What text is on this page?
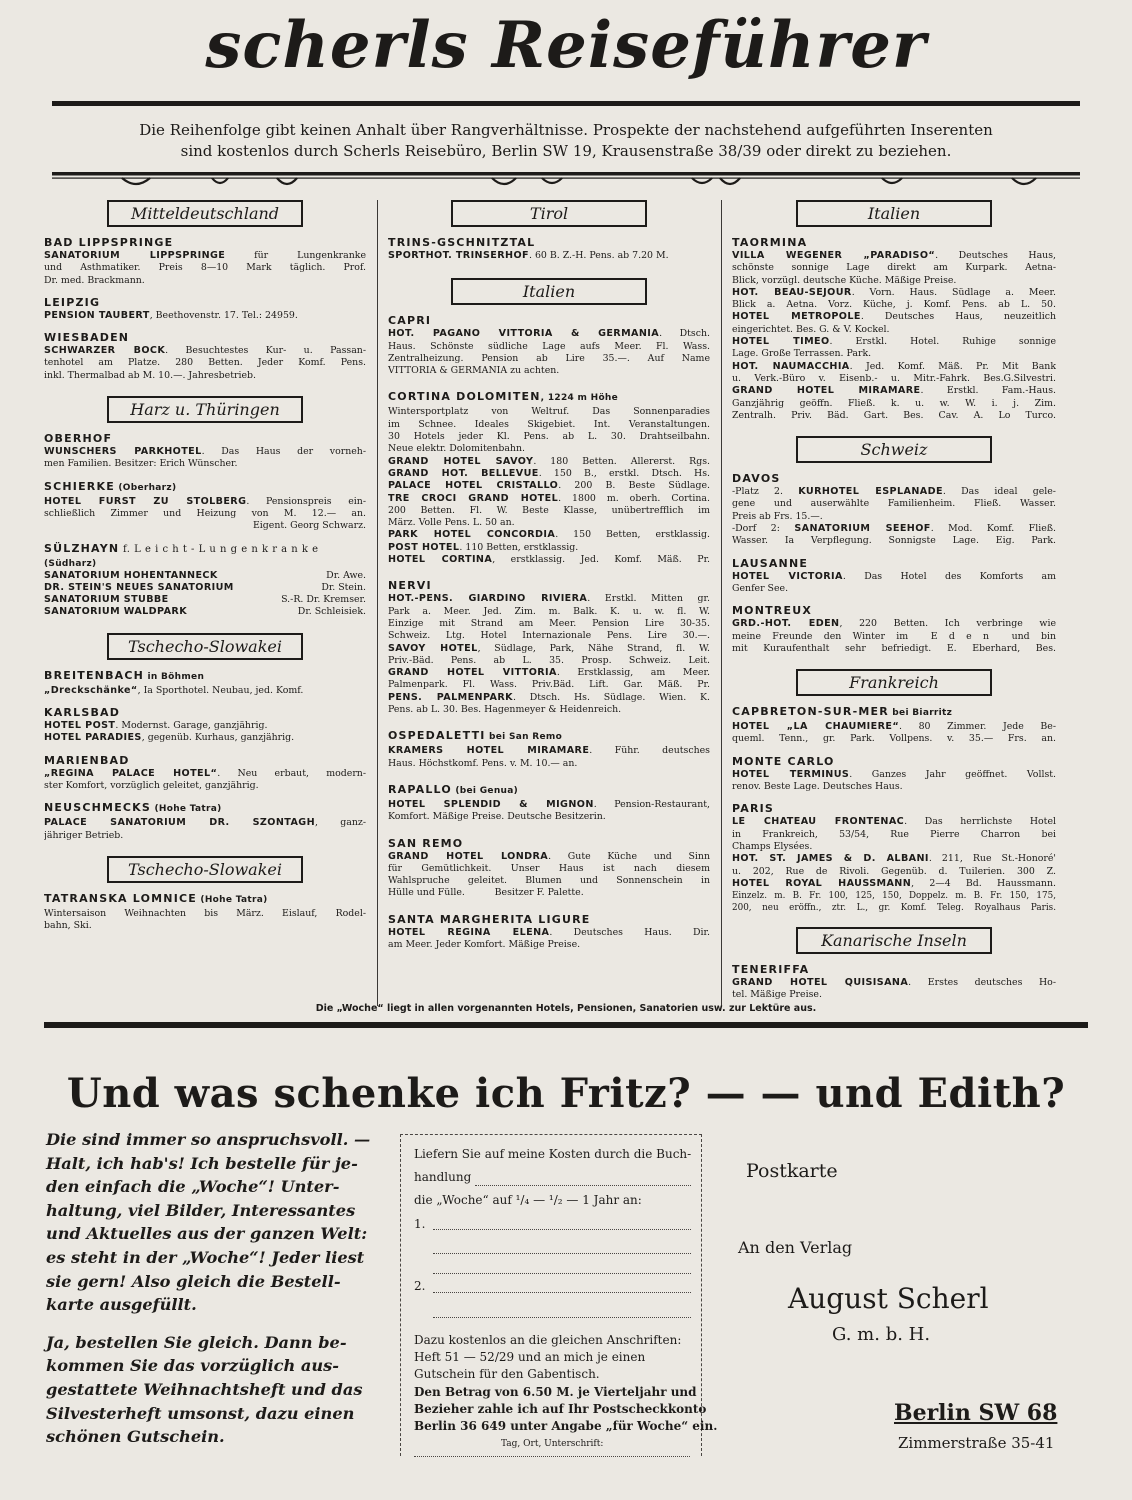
scherls Reiseführer
Die Reihenfolge gibt keinen Anhalt über Rangverhältnisse. Prospekte der nachstehend aufgeführten Inserenten
sind kostenlos durch Scherls Reisebüro, Berlin SW 19, Krausenstraße 38/39 oder direkt zu beziehen.
Mitteldeutschland
BAD LIPPSPRINGE
SANATORIUM LIPPSPRINGE für Lungenkranke
und Asthmatiker. Preis 8—10 Mark täglich. Prof.
Dr. med. Brackmann.
LEIPZIG
PENSION TAUBERT, Beethovenstr. 17. Tel.: 24959.
WIESBADEN
SCHWARZER BOCK. Besuchtestes Kur- u. Passan-
tenhotel am Platze. 280 Betten. Jeder Komf. Pens.
inkl. Thermalbad ab M. 10.—. Jahresbetrieb.
Harz u. Thüringen
OBERHOF
WÜNSCHERS PARKHOTEL. Das Haus der vorneh-
men Familien. Besitzer: Erich Wünscher.
SCHIERKE (Oberharz)
HOTEL FÜRST ZU STOLBERG. Pensionspreis ein-
schließlich Zimmer und Heizung von M. 12.— an.
Eigent. Georg Schwarz.
SÜLZHAYN f. L e i c h t - L u n g e n k r a n k e
(Südharz)
SANATORIUM HOHENTANNECK	Dr. Awe.
DR. STEIN'S NEUES SANATORIUM	Dr. Stein.
SANATORIUM STUBBE	S.-R. Dr. Kremser.
SANATORIUM WALDPARK	Dr. Schleisiek.
Tschecho-Slowakei
BREITENBACH in Böhmen
„Dreckschänke“, Ia Sporthotel. Neubau, jed. Komf.
KARLSBAD
HOTEL POST. Modernst. Garage, ganzjährig.
HOTEL PARADIES, gegenüb. Kurhaus, ganzjährig.
MARIENBAD
„REGINA PALACE HOTEL“. Neu erbaut, modern-
ster Komfort, vorzüglich geleitet, ganzjährig.
NEUSCHMECKS (Hohe Tatra)
PALACE SANATORIUM DR. SZONTAGH, ganz-
jähriger Betrieb.
Tschecho-Slowakei
TATRANSKA LOMNICE (Hohe Tatra)
Wintersaison Weihnachten bis März. Eislauf, Rodel-
bahn, Ski.
Tirol
TRINS-GSCHNITZTAL
SPORTHOT. TRINSERHOF. 60 B. Z.-H. Pens. ab 7.20 M.
Italien
CAPRI
HOT. PAGANO VITTORIA & GERMANIA. Dtsch.
Haus. Schönste südliche Lage aufs Meer. Fl. Wass.
Zentralheizung. Pension ab Lire 35.—. Auf Name
VITTORIA & GERMANIA zu achten.
CORTINA DOLOMITEN, 1224 m Höhe
Wintersportplatz von Weltruf. Das Sonnenparadies
im Schnee. Ideales Skigebiet. Int. Veranstaltungen.
30 Hotels jeder Kl. Pens. ab L. 30. Drahtseilbahn.
Neue elektr. Dolomitenbahn.
GRAND HOTEL SAVOY. 180 Betten. Allererst. Rgs.
GRAND HOT. BELLEVUE. 150 B., erstkl. Dtsch. Hs.
PALACE HOTEL CRISTALLO. 200 B. Beste Südlage.
TRE CROCI GRAND HOTEL. 1800 m. oberh. Cortina.
200 Betten. Fl. W. Beste Klasse, unübertrefflich im
März. Volle Pens. L. 50 an.
PARK HOTEL CONCORDIA. 150 Betten, erstklassig.
POST HOTEL. 110 Betten, erstklassig.
HOTEL CORTINA, erstklassig. Jed. Komf. Mäß. Pr.
NERVI
HOT.-PENS. GIARDINO RIVIERA. Erstkl. Mitten gr.
Park a. Meer. Jed. Zim. m. Balk. K. u. w. fl. W.
Einzige mit Strand am Meer. Pension Lire 30-35.
Schweiz. Ltg. Hotel Internazionale Pens. Lire 30.—.
SAVOY HOTEL, Südlage, Park, Nähe Strand, fl. W.
Priv.-Bäd. Pens. ab L. 35. Prosp. Schweiz. Leit.
GRAND HOTEL VITTORIA. Erstklassig, am Meer.
Palmenpark. Fl. Wass. Priv.Bäd. Lift. Gar. Mäß. Pr.
PENS. PALMENPARK. Dtsch. Hs. Südlage. Wien. K.
Pens. ab L. 30. Bes. Hagenmeyer & Heidenreich.
OSPEDALETTI bei San Remo
KRAMERS HOTEL MIRAMARE. Führ. deutsches
Haus. Höchstkomf. Pens. v. M. 10.— an.
RAPALLO (bei Genua)
HOTEL SPLENDID & MIGNON. Pension-Restaurant,
Komfort. Mäßige Preise. Deutsche Besitzerin.
SAN REMO
GRAND HOTEL LONDRA. Gute Küche und Sinn
für Gemütlichkeit. Unser Haus ist nach diesem
Wahlspruche geleitet. Blumen und Sonnenschein in
Hülle und Fülle.          Besitzer F. Palette.
SANTA MARGHERITA LIGURE
HOTEL REGINA ELENA. Deutsches Haus. Dir.
am Meer. Jeder Komfort. Mäßige Preise.
Italien
TAORMINA
VILLA WEGENER „PARADISO“. Deutsches Haus,
schönste sonnige Lage direkt am Kurpark. Aetna-
Blick, vorzügl. deutsche Küche. Mäßige Preise.
HOT. BEAU-SEJOUR. Vorn. Haus. Südlage a. Meer.
Blick a. Aetna. Vorz. Küche, j. Komf. Pens. ab L. 50.
HOTEL METROPOLE. Deutsches Haus, neuzeitlich
eingerichtet. Bes. G. & V. Kockel.
HOTEL TIMEO. Erstkl. Hotel. Ruhige sonnige
Lage. Große Terrassen. Park.
HOT. NAUMACCHIA. Jed. Komf. Mäß. Pr. Mit Bank
u. Verk.-Büro v. Eisenb.- u. Mitr.-Fahrk. Bes.G.Silvestri.
GRAND HOTEL MIRAMARE. Erstkl. Fam.-Haus.
Ganzjährig geöffn. Fließ. k. u. w. W. i. j. Zim.
Zentralh. Priv. Bäd. Gart. Bes. Cav. A. Lo Turco.
Schweiz
DAVOS
-Platz 2. KURHOTEL ESPLANADE. Das ideal gele-
gene und auserwählte Familienheim. Fließ. Wasser.
Preis ab Frs. 15.—.
-Dorf 2: SANATORIUM SEEHOF. Mod. Komf. Fließ.
Wasser. Ia Verpflegung. Sonnigste Lage. Eig. Park.
LAUSANNE
HOTEL VICTORIA. Das Hotel des Komforts am
Genfer See.
MONTREUX
GRD.-HOT. EDEN, 220 Betten. Ich verbringe wie
meine Freunde den Winter im  E d e n  und bin
mit Kuraufenthalt sehr befriedigt. E. Eberhard, Bes.
Frankreich
CAPBRETON-SUR-MER bei Biarritz
HOTEL „LA CHAUMIERE“. 80 Zimmer. Jede Be-
queml. Tenn., gr. Park. Vollpens. v. 35.— Frs. an.
MONTE CARLO
HOTEL TERMINUS. Ganzes Jahr geöffnet. Vollst.
renov. Beste Lage. Deutsches Haus.
PARIS
LE CHATEAU FRONTENAC. Das herrlichste Hotel
in Frankreich, 53/54, Rue Pierre Charron bei
Champs Elysées.
HOT. ST. JAMES & D. ALBANI. 211, Rue St.-Honoré'
u. 202, Rue de Rivoli. Gegenüb. d. Tuilerien. 300 Z.
HOTEL ROYAL HAUSSMANN, 2—4 Bd. Haussmann.
Einzelz. m. B. Fr. 100, 125, 150, Doppelz. m. B. Fr. 150, 175,
200, neu eröffn., ztr. L., gr. Komf. Teleg. Royalhaus Paris.
Kanarische Inseln
TENERIFFA
GRAND HOTEL QUISISANA. Erstes deutsches Ho-
tel. Mäßige Preise.
Die „Woche“ liegt in allen vorgenannten Hotels, Pensionen, Sanatorien usw. zur Lektüre aus.
Und was schenke ich Fritz? — — und Edith?
Die sind immer so anspruchsvoll. —
Halt, ich hab's! Ich bestelle für je-
den einfach die „Woche“! Unter-
haltung, viel Bilder, Interessantes
und Aktuelles aus der ganzen Welt:
es steht in der „Woche“! Jeder liest
sie gern! Also gleich die Bestell-
karte ausgefüllt.
Ja, bestellen Sie gleich. Dann be-
kommen Sie das vorzüglich aus-
gestattete Weihnachtsheft und das
Silvesterheft umsonst, dazu einen
schönen Gutschein.
Liefern Sie auf meine Kosten durch die Buch-
handlung
die „Woche“ auf ¹/₄ — ¹/₂ — 1 Jahr an:
1.
2.
Dazu kostenlos an die gleichen Anschriften:
Heft 51 — 52/29 und an mich je einen
Gutschein für den Gabentisch.
Den Betrag von 6.50 M. je Vierteljahr und
Bezieher zahle ich auf Ihr Postscheckkonto
Berlin 36 649 unter Angabe „für Woche“ ein.
Tag, Ort, Unterschrift:
Postkarte
An den Verlag
August Scherl
G. m. b. H.
Berlin SW 68
Zimmerstraße 35-41
